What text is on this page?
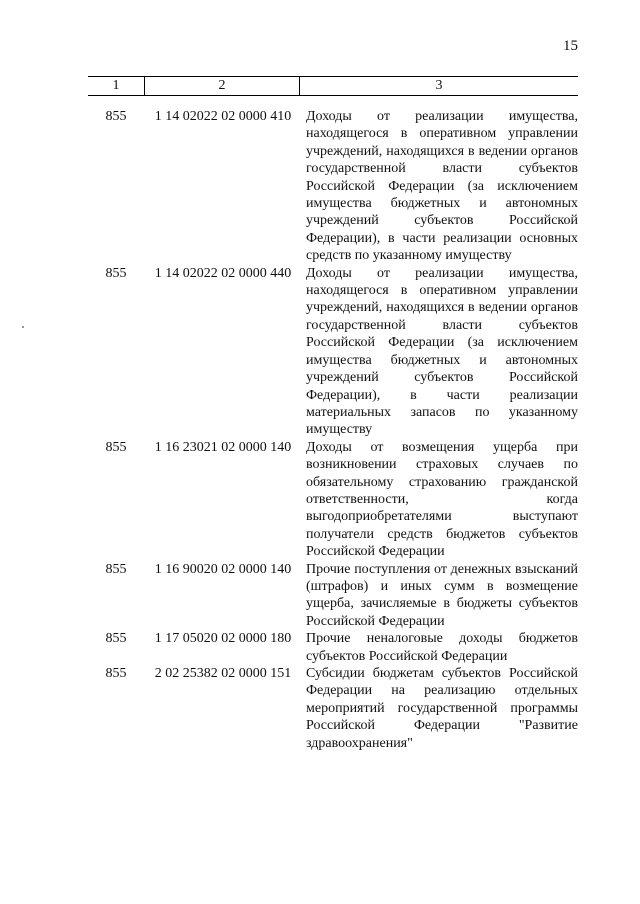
15
1	2	3
855	1 14 02022 02 0000 410	Доходы от реализации имущества, находящегося в оперативном управлении учреждений, находящихся в ведении органов государственной власти субъектов Российской Федерации (за исключением имущества бюджетных и автономных учреждений субъектов Российской Федерации), в части реализации основных средств по указанному имуществу
855	1 14 02022 02 0000 440	Доходы от реализации имущества, находящегося в оперативном управлении учреждений, находящихся в ведении органов государственной власти субъектов Российской Федерации (за исключением имущества бюджетных и автономных учреждений субъектов Российской Федерации), в части реализации материальных запасов по указанному имуществу
855	1 16 23021 02 0000 140	Доходы от возмещения ущерба при возникновении страховых случаев по обязательному страхованию гражданской ответственности, когда выгодоприобретателями выступают получатели средств бюджетов субъектов Российской Федерации
855	1 16 90020 02 0000 140	Прочие поступления от денежных взысканий (штрафов) и иных сумм в возмещение ущерба, зачисляемые в бюджеты субъектов Российской Федерации
855	1 17 05020 02 0000 180	Прочие неналоговые доходы бюджетов субъектов Российской Федерации
855	2 02 25382 02 0000 151	Субсидии бюджетам субъектов Российской Федерации на реализацию отдельных мероприятий государственной программы Российской Федерации "Развитие здравоохранения"
